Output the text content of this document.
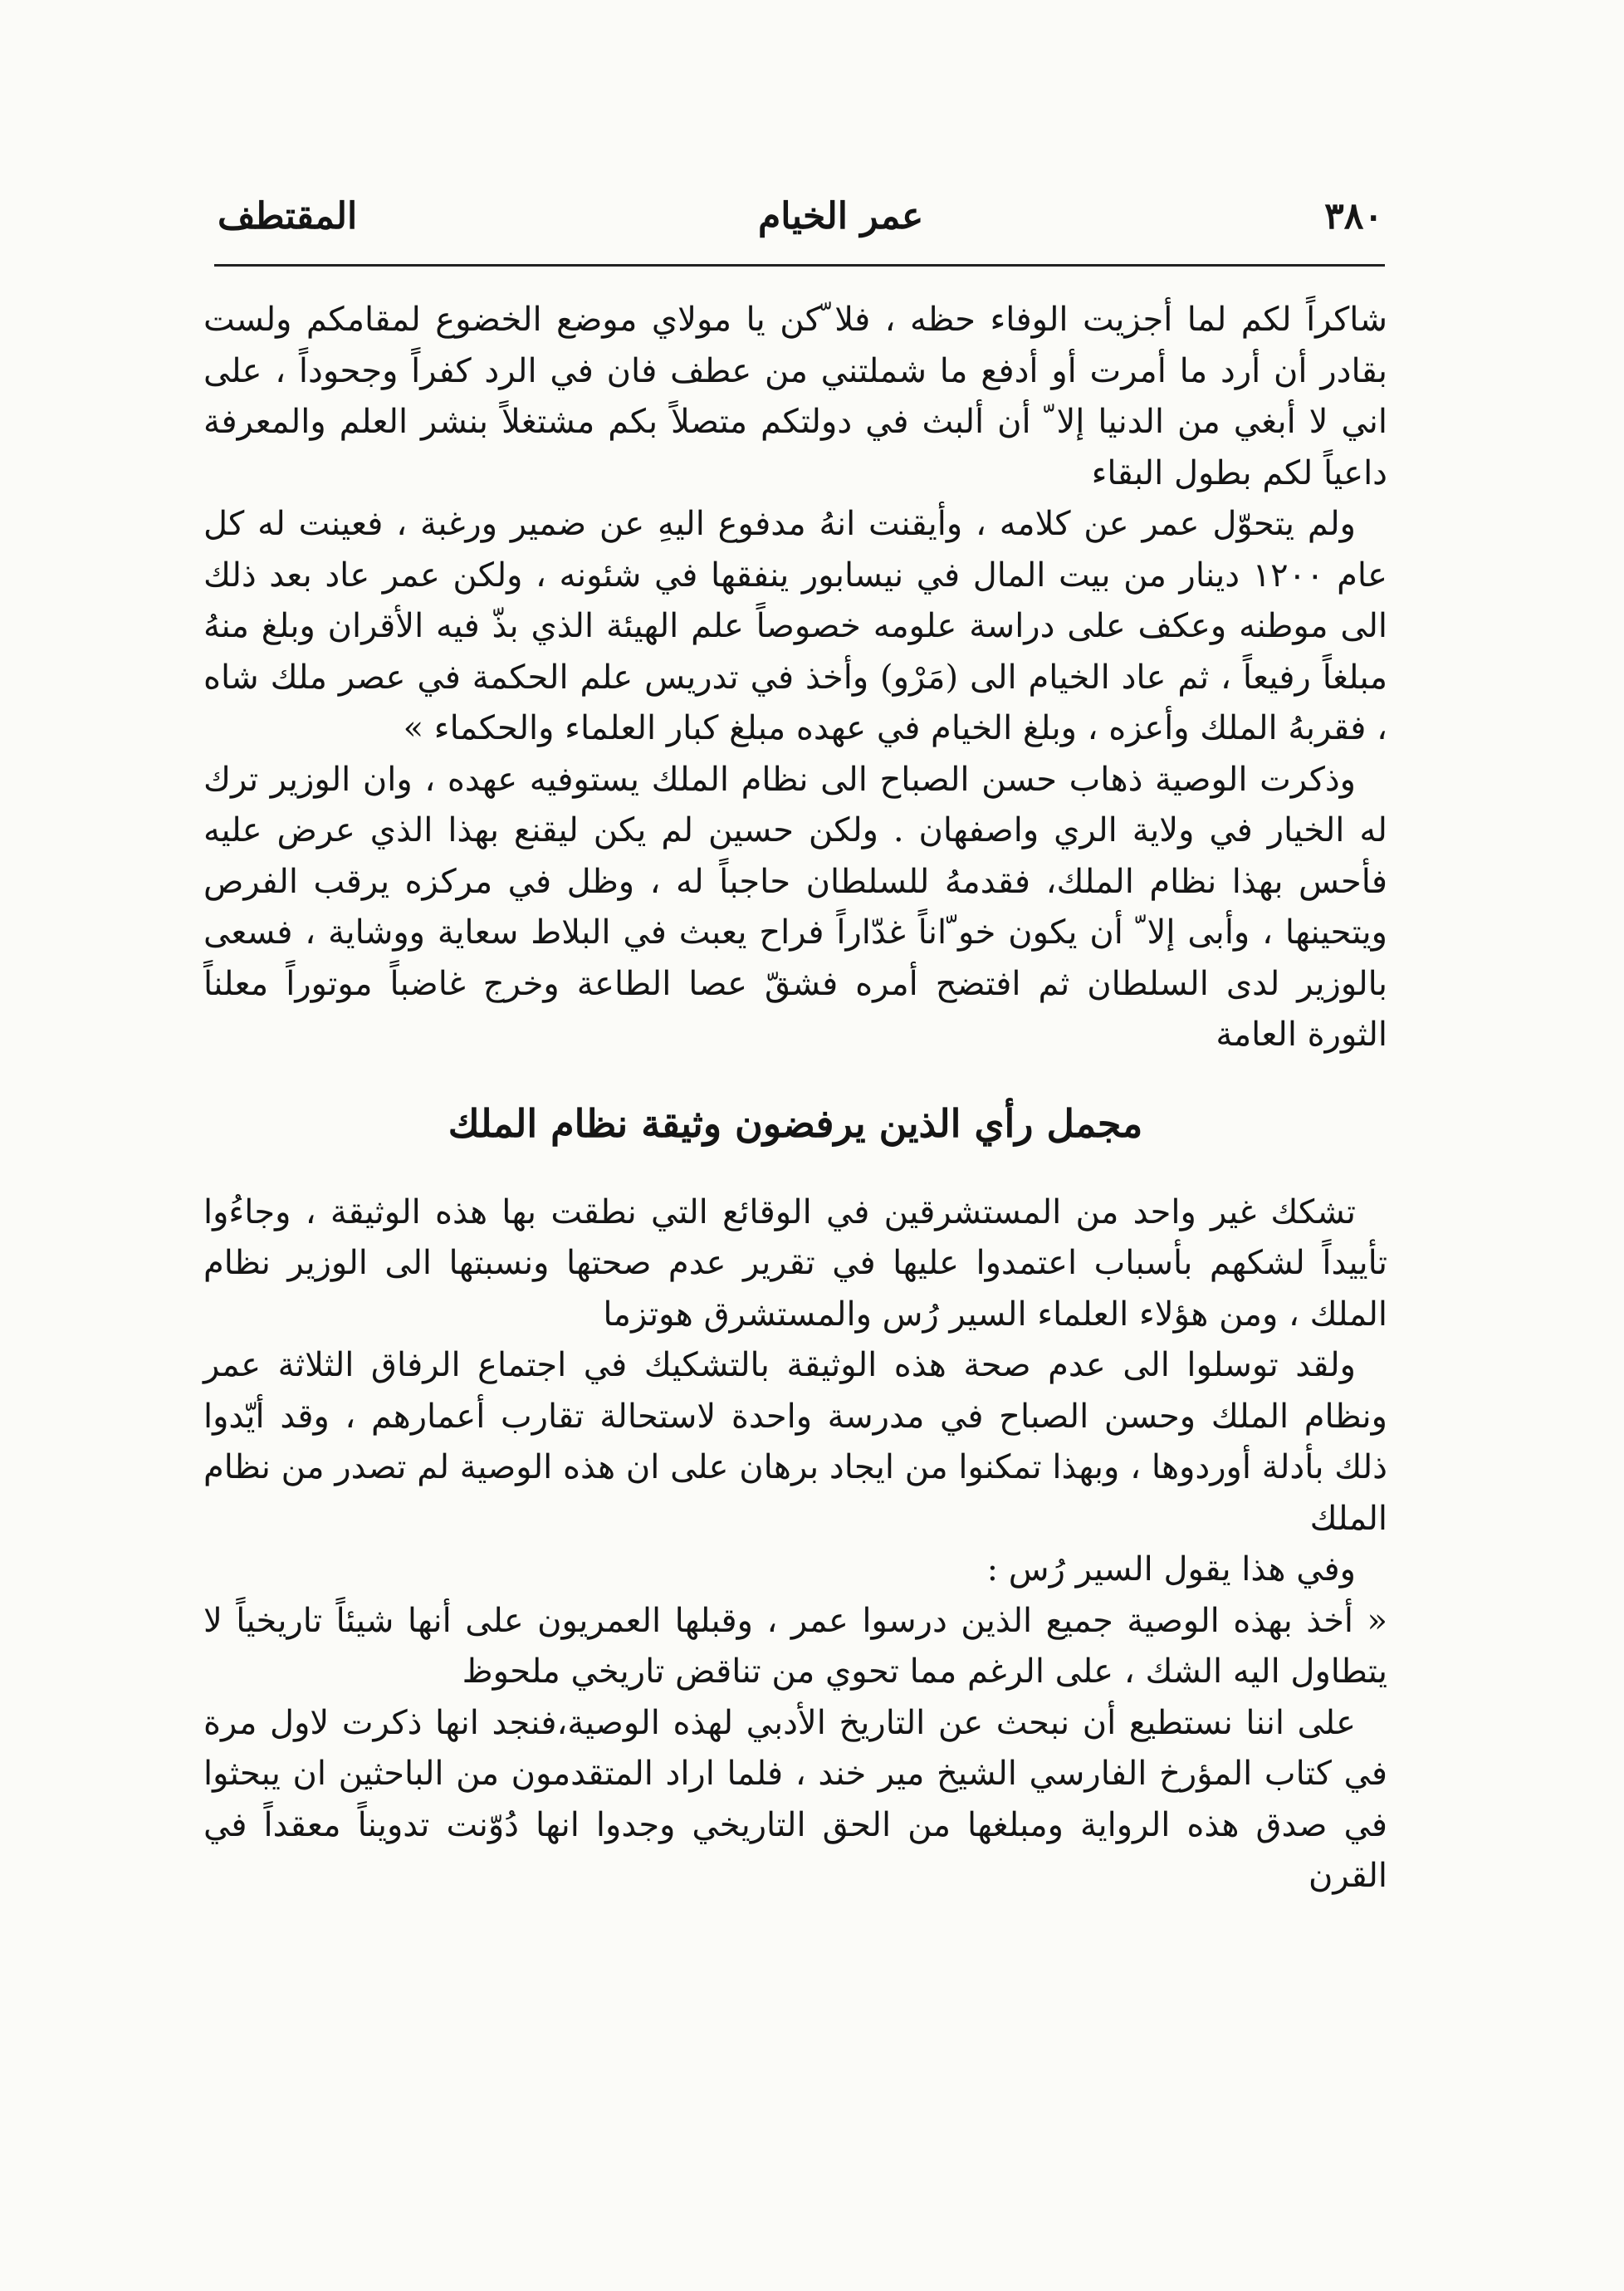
٣٨٠
عمر الخيام
المقتطف

شاكراً لكم لما أجزيت الوفاء حظه ، فلا ّكن يا مولاي موضع الخضوع لمقامكم ولست بقادر أن أرد ما أمرت أو أدفع ما شملتني من عطف فان في الرد كفراً وجحوداً ، على اني لا أبغي من الدنيا إلا ّ أن ألبث في دولتكم متصلاً بكم مشتغلاً بنشر العلم والمعرفة داعياً لكم بطول البقاء

ولم يتحوّل عمر عن كلامه ، وأيقنت انهُ مدفوع اليهِ عن ضمير ورغبة ، فعينت له كل عام ١٢٠٠ دينار من بيت المال في نيسابور ينفقها في شئونه ، ولكن عمر عاد بعد ذلك الى موطنه وعكف على دراسة علومه خصوصاً علم الهيئة الذي بذّ فيه الأقران وبلغ منهُ مبلغاً رفيعاً ، ثم عاد الخيام الى (مَرْو) وأخذ في تدريس علم الحكمة في عصر ملك شاه ، فقربهُ الملك وأعزه ، وبلغ الخيام في عهده مبلغ كبار العلماء والحكماء »

وذكرت الوصية ذهاب حسن الصباح الى نظام الملك يستوفيه عهده ، وان الوزير ترك له الخيار في ولاية الري واصفهان . ولكن حسين لم يكن ليقنع بهذا الذي عرض عليه فأحس بهذا نظام الملك، فقدمهُ للسلطان حاجباً له ، وظل في مركزه يرقب الفرص ويتحينها ، وأبى إلا ّ أن يكون خو ّاناً غدّاراً فراح يعبث في البلاط سعاية ووشاية ، فسعى بالوزير لدى السلطان ثم افتضح أمره فشقّ عصا الطاعة وخرج غاضباً موتوراً معلناً الثورة العامة

مجمل رأي الذين يرفضون وثيقة نظام الملك

تشكك غير واحد من المستشرقين في الوقائع التي نطقت بها هذه الوثيقة ، وجاءُوا تأييداً لشكهم بأسباب اعتمدوا عليها في تقرير عدم صحتها ونسبتها الى الوزير نظام الملك ، ومن هؤلاء العلماء السير رُس والمستشرق هوتزما

ولقد توسلوا الى عدم صحة هذه الوثيقة بالتشكيك في اجتماع الرفاق الثلاثة عمر ونظام الملك وحسن الصباح في مدرسة واحدة لاستحالة تقارب أعمارهم ، وقد أيّدوا ذلك بأدلة أوردوها ، وبهذا تمكنوا من ايجاد برهان على ان هذه الوصية لم تصدر من نظام الملك

وفي هذا يقول السير رُس :

« أخذ بهذه الوصية جميع الذين درسوا عمر ، وقبلها العمريون على أنها شيئاً تاريخياً لا يتطاول اليه الشك ، على الرغم مما تحوي من تناقض تاريخي ملحوظ

على اننا نستطيع أن نبحث عن التاريخ الأدبي لهذه الوصية،فنجد انها ذكرت لاول مرة في كتاب المؤرخ الفارسي الشيخ مير خند ، فلما اراد المتقدمون من الباحثين ان يبحثوا في صدق هذه الرواية ومبلغها من الحق التاريخي وجدوا انها دُوّنت تدويناً معقداً في القرن
